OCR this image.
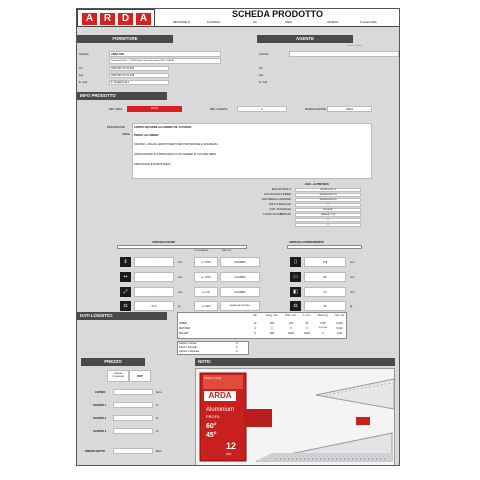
A	R	D	A	SCHEDA PRODOTTO
REVISIONE N.	11/10/2022	DA:	SARA	VALIDITA'	6 mesi/modifio
FORNITORE	AGENTE
_____ _____
Indirizzo	ARDA SPA
Strada del Prati, 7 - 37049 Roncà Ponti del Graniti (VR) - ITALIA
Tel	0039 045 75 34 320
Fax	0039 045 54 02 445
E. mail	E. Mail@Arda.it
Indirizzo
Tel
Fax
E. mail
INFO PRODOTTO
REF. ARDA	00012	REF. CLIENTE	0	MARCA/CLIENTE	ARDA
DESCRIZIONE	COPPIA SQUADRE ALLUMINIO CM. 12 PROFIL
PROFIL ALLUMINIO
SMUSSO - ANGOLI ARROTONDATI PER PROTEZIONE E SICUREZZA
GRADUAZIONE IN TAMPOGRAFIA CON NUMERI IN COLORE NERO
PRECISIONE E ROBUSTEZZA
SERIE
EAN + ALTRE INFO
EAN ARTICOLO	8008018000124
EAN SCATOLA INNER	38000000000124
EAN IMBALLO MASTER	18000000000124
EAN 13 BANCALE	0
COD. DOGANALE	90178010
LUOGO DI FABBRICAZ	ITALIA (P. TVI)
0
0
ARTICOLO SFUSO
TOLLERANZE	METODO
↕	-	mm.	+/- 0,5%	CALIBRO
↔	-	mm.	+/- 0,5%	CALIBRO
⤢	-	mm.	+/- 1%	CALIBRO
⚖	27,0	gr.	+/- 10%	BILANCIA DIGITALE
ARTICOLO CONFEZIONATO
▯	178	mm.
▭	80	mm.
◧	0,2	mm.
⚖	35	gr.
DATI LOGISTICI	PZ	Lung. mm.	Prof. mm.	h. mm.	Peso Kg.	Vol. m3
INNER	12	215	120	20	0,55	0,001
MASTER	0	0	0	0	0,00/160	0,001
PALLET	0	990	1000	1000	0	0,00
Cartoni x strato	0
Strati x bancale	0
Cartoni x bancale	0
PREZZO
TERMINE CONSEGNA	DDP
LISTINO	Euro
SCONTO 1	%
SCONTO 2	%
SCONTO 3	%
PREZZO NETTO	Euro
NOTE:
ARDA
Aluminium
PROFIL
60°
45°
12
cm
Made in Italy
